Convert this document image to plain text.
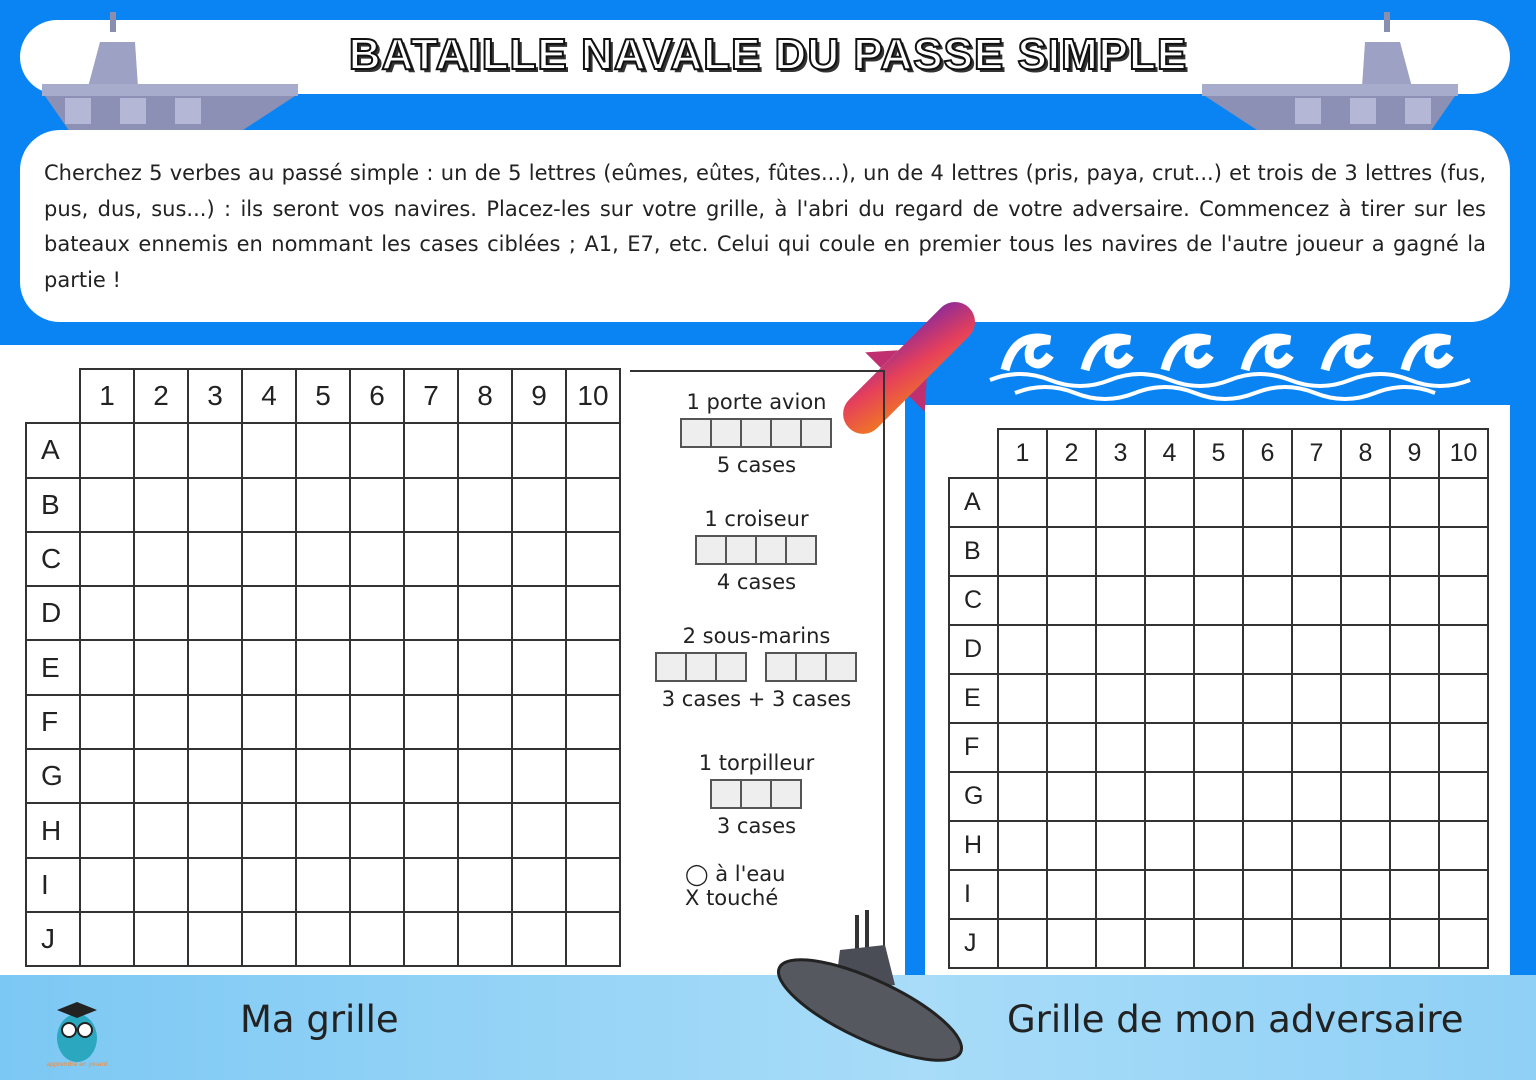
BATAILLE NAVALE DU PASSE SIMPLE
Cherchez 5 verbes au passé simple : un de 5 lettres (eûmes, eûtes, fûtes...), un de 4 lettres (pris, paya, crut...) et trois de 3 lettres (fus, pus, dus, sus...) : ils seront vos navires. Placez-les sur votre grille, à l'abri du regard de votre adversaire. Commencez à tirer sur les bateaux ennemis en nommant les cases ciblées ; A1, E7, etc. Celui qui coule en premier tous les navires de l'autre joueur a gagné la partie !
	1	2	3	4	5	6	7	8	9	10
A										
B										
C										
D										
E										
F										
G										
H										
I										
J										
	1	2	3	4	5	6	7	8	9	10
A										
B										
C										
D										
E										
F										
G										
H										
I										
J										
1 porte avion
5 cases
1 croiseur
4 cases
2 sous-marins
3 cases + 3 cases
1 torpilleur
3 cases
◯ à l'eau
X touché
apprendre en jouant
Ma grille	Grille de mon adversaire
